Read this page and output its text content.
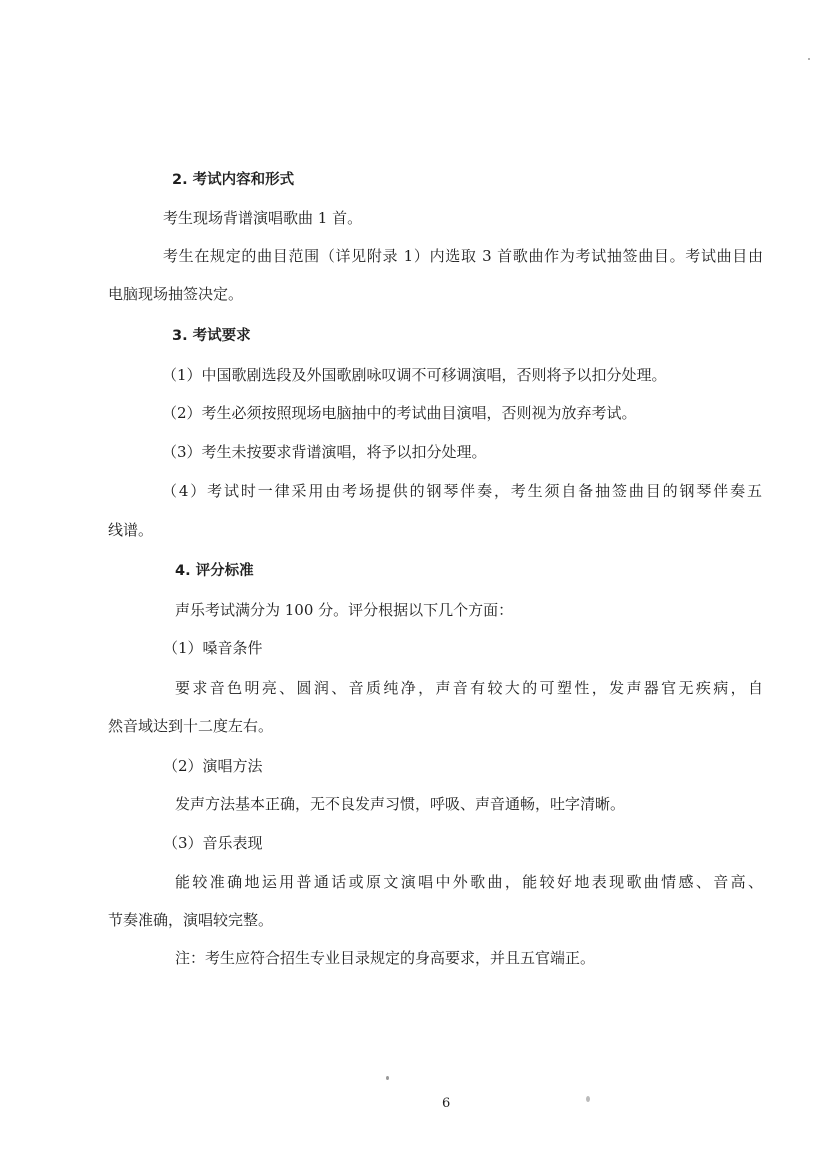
2. 考试内容和形式
考生现场背谱演唱歌曲 1 首。
考生在规定的曲目范围（详见附录 1）内选取 3 首歌曲作为考试抽签曲目。考试曲目由
电脑现场抽签决定。
3. 考试要求
（1）中国歌剧选段及外国歌剧咏叹调不可移调演唱，否则将予以扣分处理。
（2）考生必须按照现场电脑抽中的考试曲目演唱，否则视为放弃考试。
（3）考生未按要求背谱演唱，将予以扣分处理。
（4）考试时一律采用由考场提供的钢琴伴奏，考生须自备抽签曲目的钢琴伴奏五
线谱。
4. 评分标准
声乐考试满分为 100 分。评分根据以下几个方面：
（1）嗓音条件
要求音色明亮、圆润、音质纯净，声音有较大的可塑性，发声器官无疾病，自
然音域达到十二度左右。
（2）演唱方法
发声方法基本正确，无不良发声习惯，呼吸、声音通畅，吐字清晰。
（3）音乐表现
能较准确地运用普通话或原文演唱中外歌曲，能较好地表现歌曲情感、音高、
节奏准确，演唱较完整。
注：考生应符合招生专业目录规定的身高要求，并且五官端正。
6
